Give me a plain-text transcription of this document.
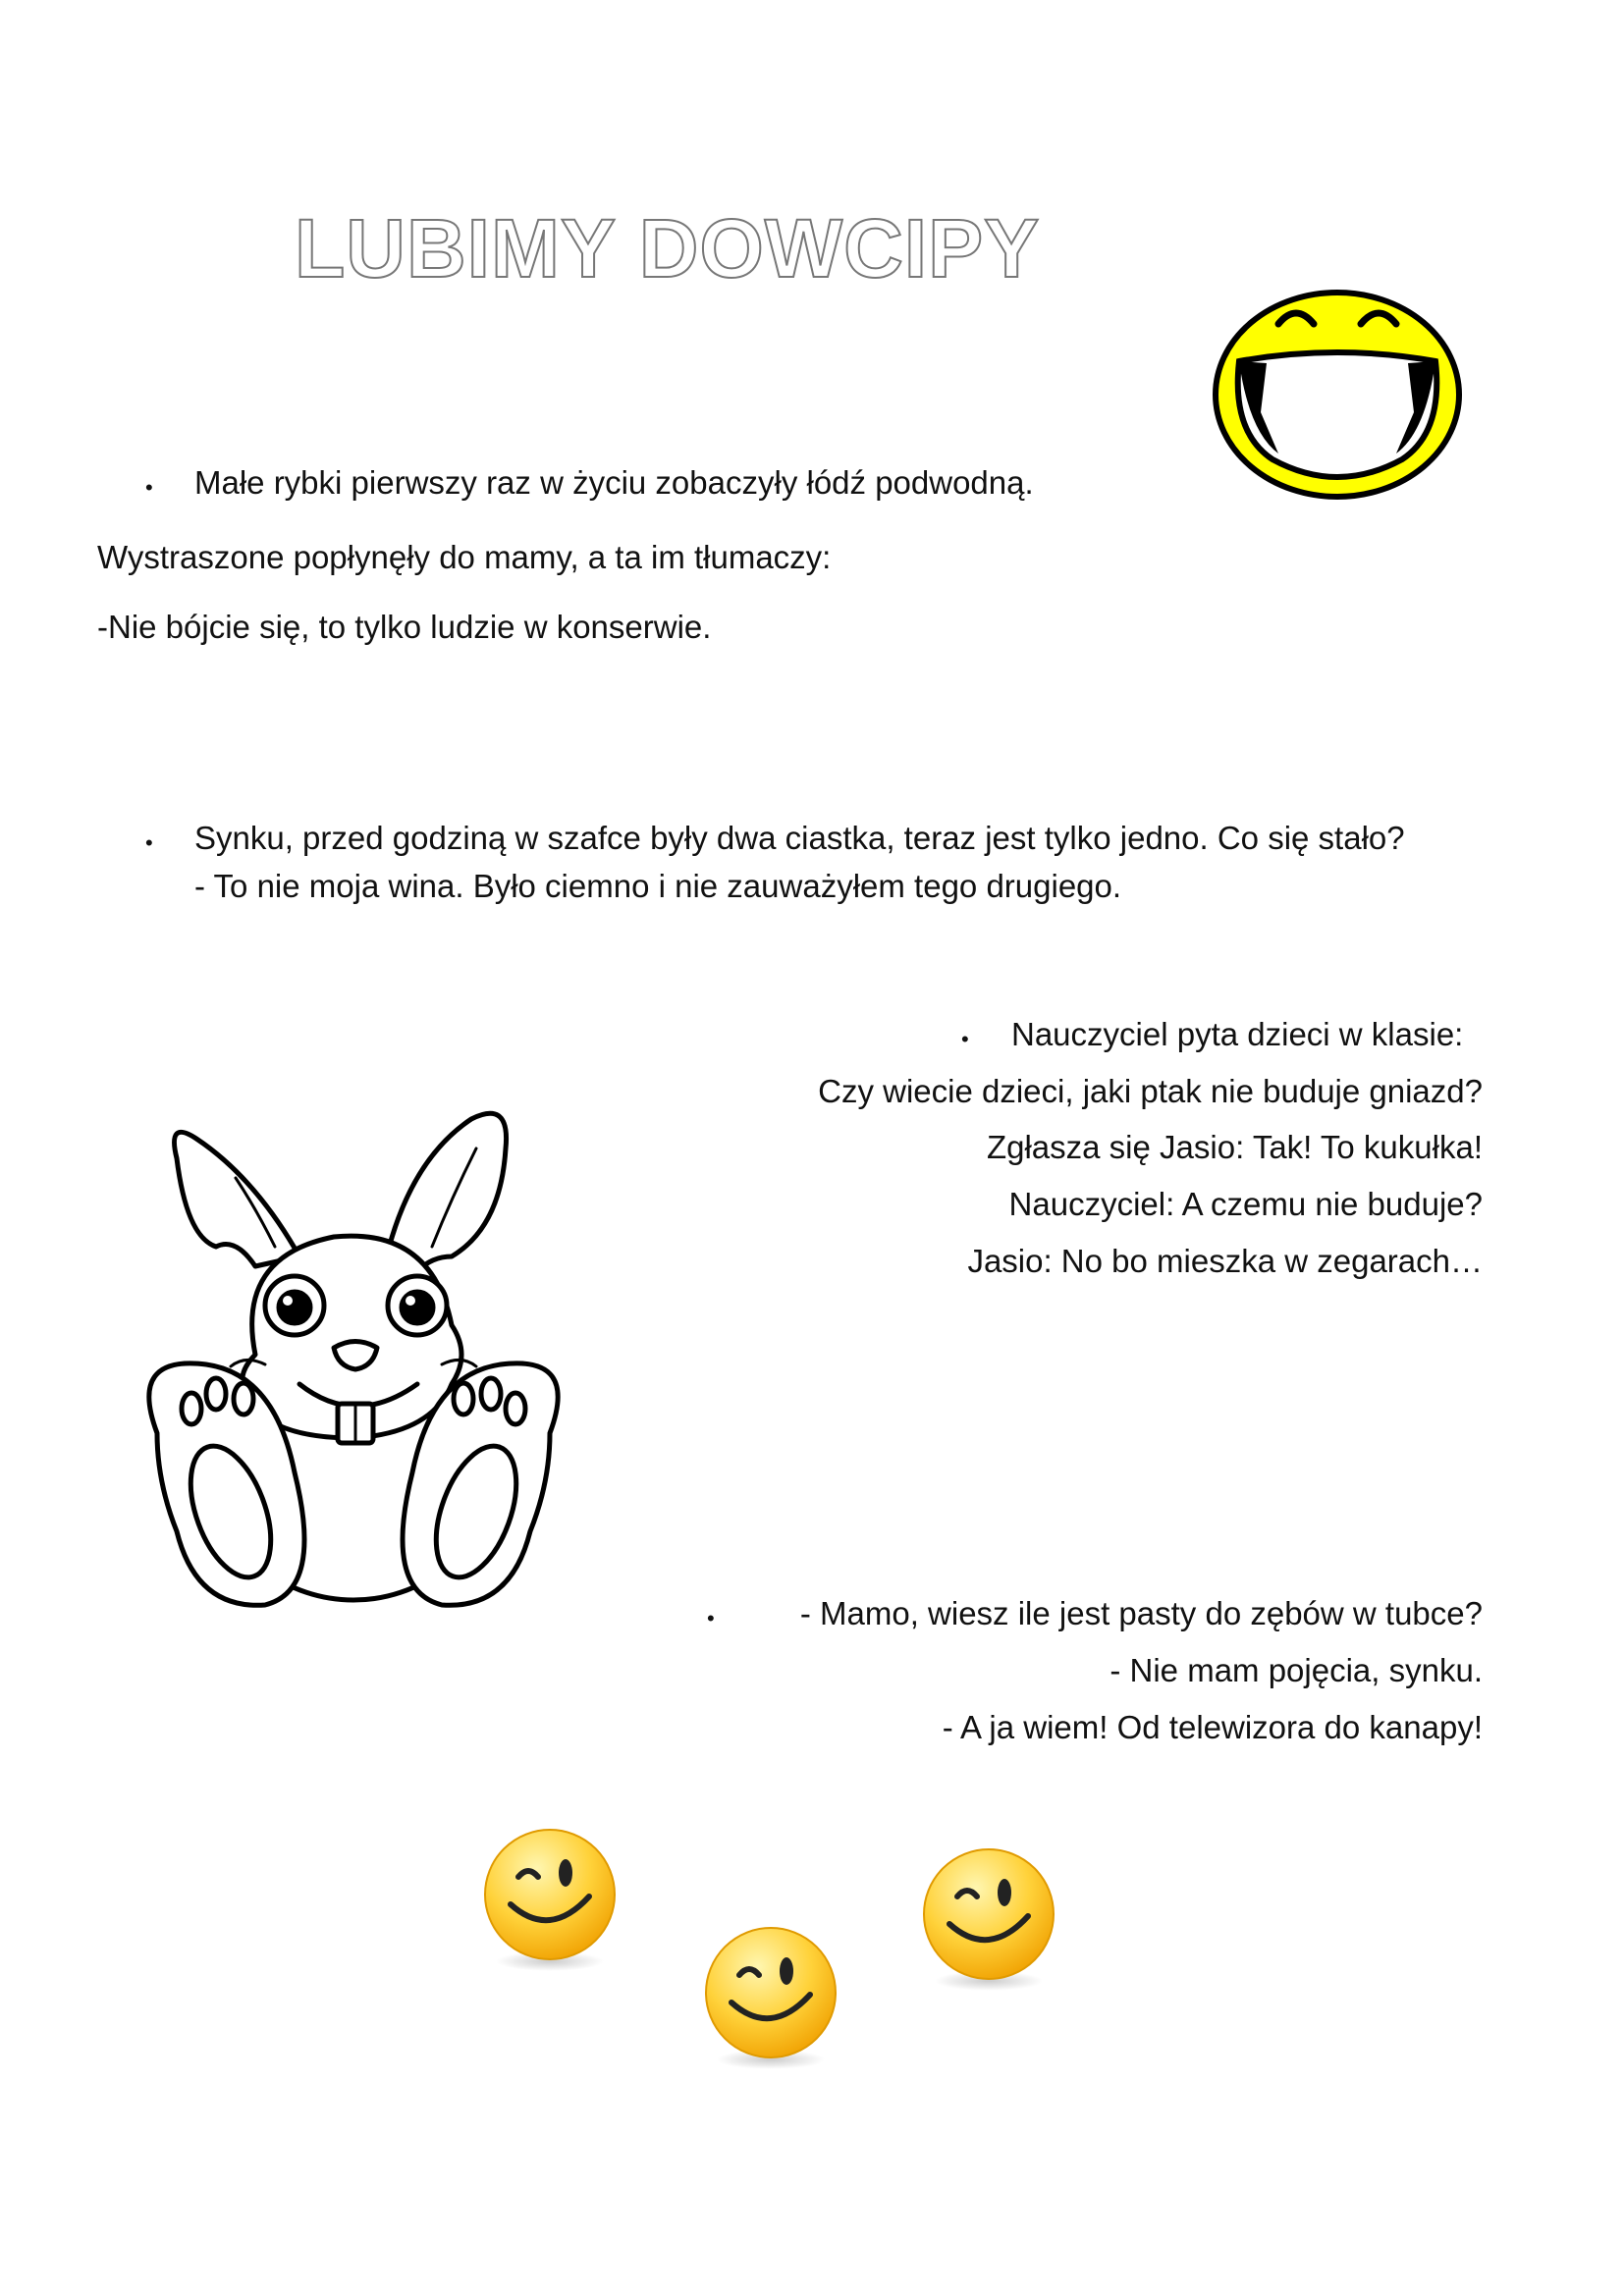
LUBIMY DOWCIPY
• Małe rybki pierwszy raz w życiu zobaczyły łódź podwodną.
Wystraszone popłynęły do mamy, a ta im tłumaczy:
-Nie bójcie się, to tylko ludzie w konserwie.
• Synku, przed godziną w szafce były dwa ciastka, teraz jest tylko jedno. Co się stało?
- To nie moja wina. Było ciemno i nie zauważyłem tego drugiego.
• Nauczyciel pyta dzieci w klasie:
Czy wiecie dzieci, jaki ptak nie buduje gniazd?
Zgłasza się Jasio: Tak! To kukułka!
Nauczyciel: A czemu nie buduje?
Jasio: No bo mieszka w zegarach…
•	- Mamo, wiesz ile jest pasty do zębów w tubce?
- Nie mam pojęcia, synku.
- A ja wiem! Od telewizora do kanapy!
